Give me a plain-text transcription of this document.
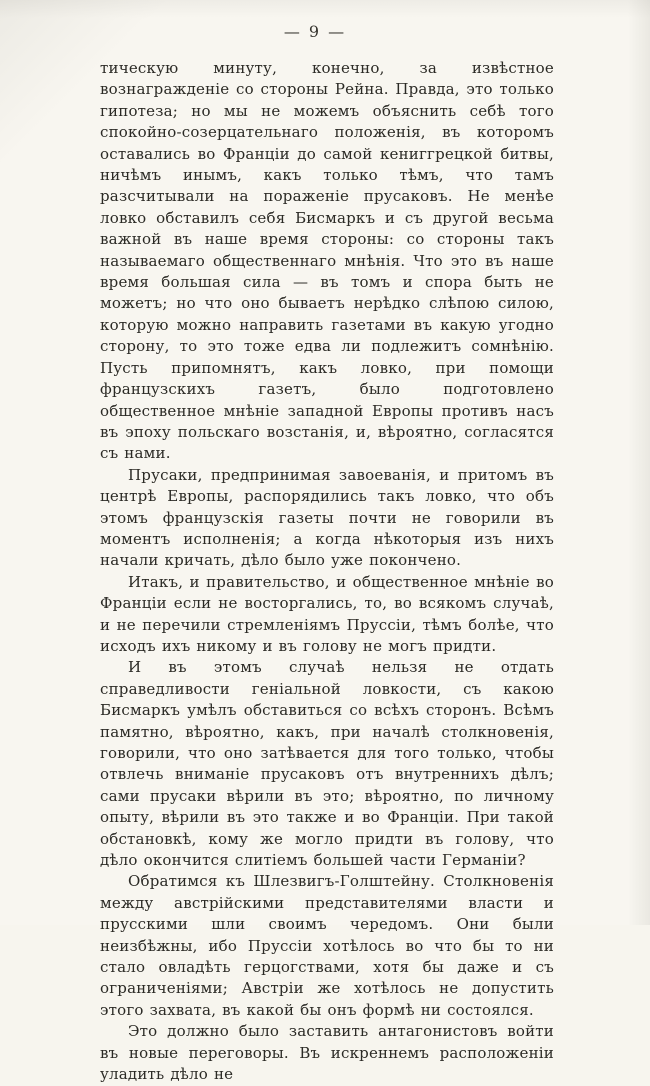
— 9 —

тическую минуту, конечно, за извѣстное вознагражденіе со стороны Рейна. Правда, это только гипотеза; но мы не можемъ объяснить себѣ того спокойно-созерцательнаго положенія, въ которомъ оставались во Франціи до самой кениггрецкой битвы, ничѣмъ инымъ, какъ только тѣмъ, что тамъ разсчитывали на пораженіе прусаковъ. Не менѣе ловко обставилъ себя Бисмаркъ и съ другой весьма важной въ наше время стороны: со стороны такъ называемаго общественнаго мнѣнія. Что это въ наше время большая сила — въ томъ и спора быть не можетъ; но что оно бываетъ нерѣдко слѣпою силою, которую можно направить газетами въ какую угодно сторону, то это тоже едва ли подлежитъ сомнѣнію. Пусть припомнятъ, какъ ловко, при помощи французскихъ газетъ, было подготовлено общественное мнѣніе западной Европы противъ насъ въ эпоху польскаго возстанія, и, вѣроятно, согласятся съ нами.

Прусаки, предпринимая завоеванія, и притомъ въ центрѣ Европы, распорядились такъ ловко, что объ этомъ французскія газеты почти не говорили въ моментъ исполненія; а когда нѣкоторыя изъ нихъ начали кричать, дѣло было уже покончено.

Итакъ, и правительство, и общественное мнѣніе во Франціи если не восторгались, то, во всякомъ случаѣ, и не перечили стремленіямъ Пруссіи, тѣмъ болѣе, что исходъ ихъ никому и въ голову не могъ придти.

И въ этомъ случаѣ нельзя не отдать справедливости геніальной ловкости, съ какою Бисмаркъ умѣлъ обставиться со всѣхъ сторонъ. Всѣмъ памятно, вѣроятно, какъ, при началѣ столкновенія, говорили, что оно затѣвается для того только, чтобы отвлечь вниманіе прусаковъ отъ внутреннихъ дѣлъ; сами прусаки вѣрили въ это; вѣроятно, по личному опыту, вѣрили въ это также и во Франціи. При такой обстановкѣ, кому же могло придти въ голову, что дѣло окончится слитіемъ большей части Германіи?

Обратимся къ Шлезвигъ-Голштейну. Столкновенія между австрійскими представителями власти и прусскими шли своимъ чередомъ. Они были неизбѣжны, ибо Пруссіи хотѣлось во что бы то ни стало овладѣть герцогствами, хотя бы даже и съ ограниченіями; Австріи же хотѣлось не допустить этого захвата, въ какой бы онъ формѣ ни состоялся.

Это должно было заставить антагонистовъ войти въ новые переговоры. Въ искреннемъ расположеніи уладить дѣло не
